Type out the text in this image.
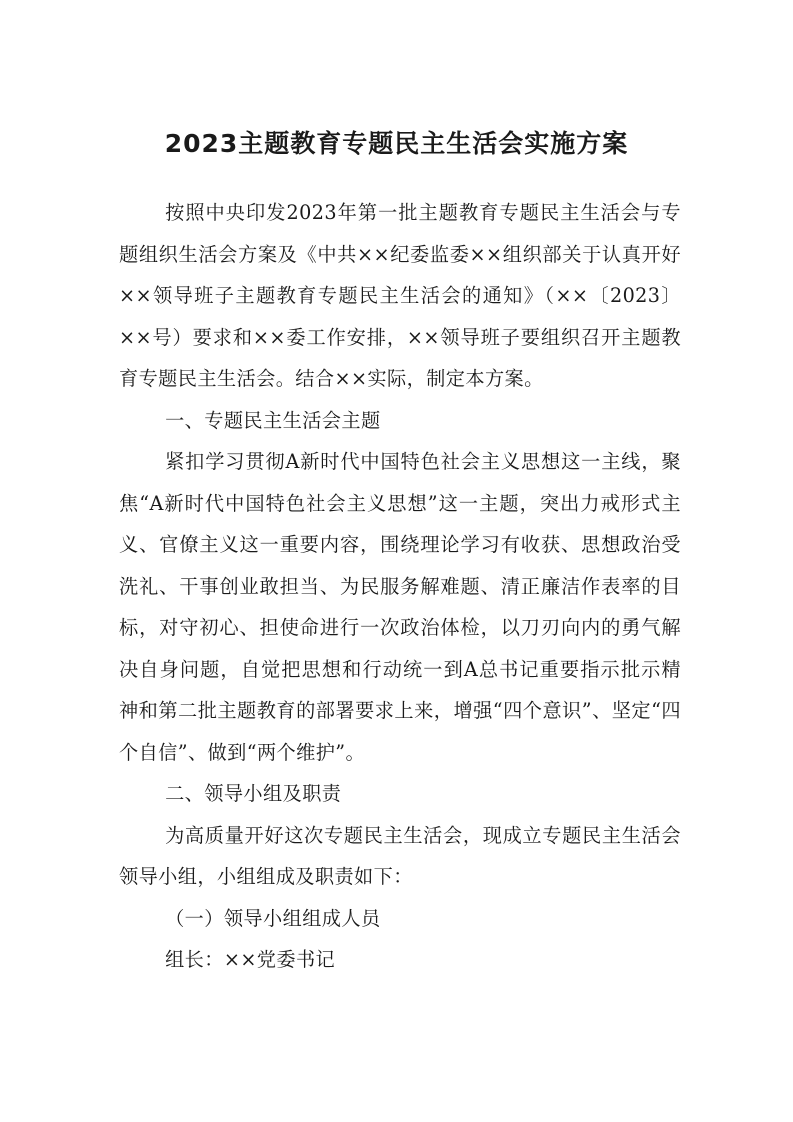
2023主题教育专题民主生活会实施方案

按照中央印发2023年第一批主题教育专题民主生活会与专题组织生活会方案及《中共××纪委监委××组织部关于认真开好××领导班子主题教育专题民主生活会的通知》（××〔2023〕××号）要求和××委工作安排，××领导班子要组织召开主题教育专题民主生活会。结合××实际，制定本方案。

一、专题民主生活会主题

紧扣学习贯彻A新时代中国特色社会主义思想这一主线，聚焦“A新时代中国特色社会主义思想”这一主题，突出力戒形式主义、官僚主义这一重要内容，围绕理论学习有收获、思想政治受洗礼、干事创业敢担当、为民服务解难题、清正廉洁作表率的目标，对守初心、担使命进行一次政治体检，以刀刃向内的勇气解决自身问题，自觉把思想和行动统一到A总书记重要指示批示精神和第二批主题教育的部署要求上来，增强“四个意识”、坚定“四个自信”、做到“两个维护”。

二、领导小组及职责

为高质量开好这次专题民主生活会，现成立专题民主生活会领导小组，小组组成及职责如下：

（一）领导小组组成人员

组长：××党委书记
